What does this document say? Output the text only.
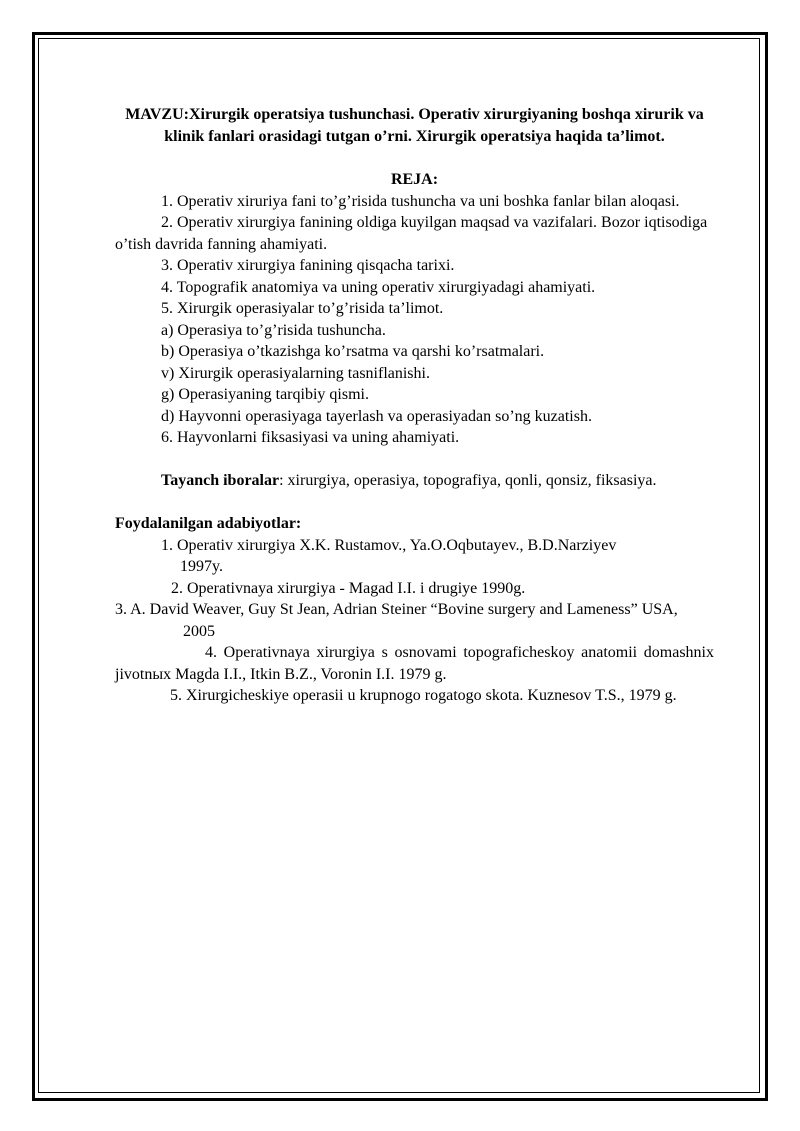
MAVZU:Xirurgik operatsiya tushunchasi. Operativ xirurgiyaning boshqa xirurik va klinik fanlari orasidagi tutgan o’rni. Xirurgik operatsiya haqida ta’limot.

REJA:

1. Operativ xiruriya fani to’g’risida tushuncha va uni boshka fanlar bilan aloqasi.

2. Operativ xirurgiya fanining oldiga kuyilgan maqsad va vazifalari. Bozor iqtisodiga o’tish davrida fanning ahamiyati.

3. Operativ xirurgiya fanining qisqacha tarixi.

4. Topografik anatomiya va uning operativ xirurgiyadagi ahamiyati.

5. Xirurgik operasiyalar to’g’risida ta’limot.

a) Operasiya to’g’risida tushuncha.

b) Operasiya o’tkazishga ko’rsatma va qarshi ko’rsatmalari.

v) Xirurgik operasiyalarning tasniflanishi.

g) Operasiyaning tarqibiy qismi.

d) Hayvonni operasiyaga tayerlash va operasiyadan so’ng kuzatish.

6. Hayvonlarni fiksasiyasi va uning ahamiyati.

Tayanch iboralar: xirurgiya, operasiya, topografiya, qonli, qonsiz, fiksasiya.

Foydalanilgan adabiyotlar:

1. Operativ xirurgiya X.K. Rustamov., Ya.O.Oqbutayev., B.D.Narziyev

1997y.

2. Operativnaya xirurgiya - Magad I.I. i drugiye 1990g.

3. A. David Weaver, Guy St Jean, Adrian Steiner “Bovine surgery and Lameness” USA,

2005

4. Operativnaya xirurgiya s osnovami topograficheskoy anatomii domashnix jivotnых Magda I.I., Itkin B.Z., Voronin I.I. 1979 g.

5. Xirurgicheskiye operasii u krupnogo rogatogo skota. Kuznesov T.S., 1979 g.
